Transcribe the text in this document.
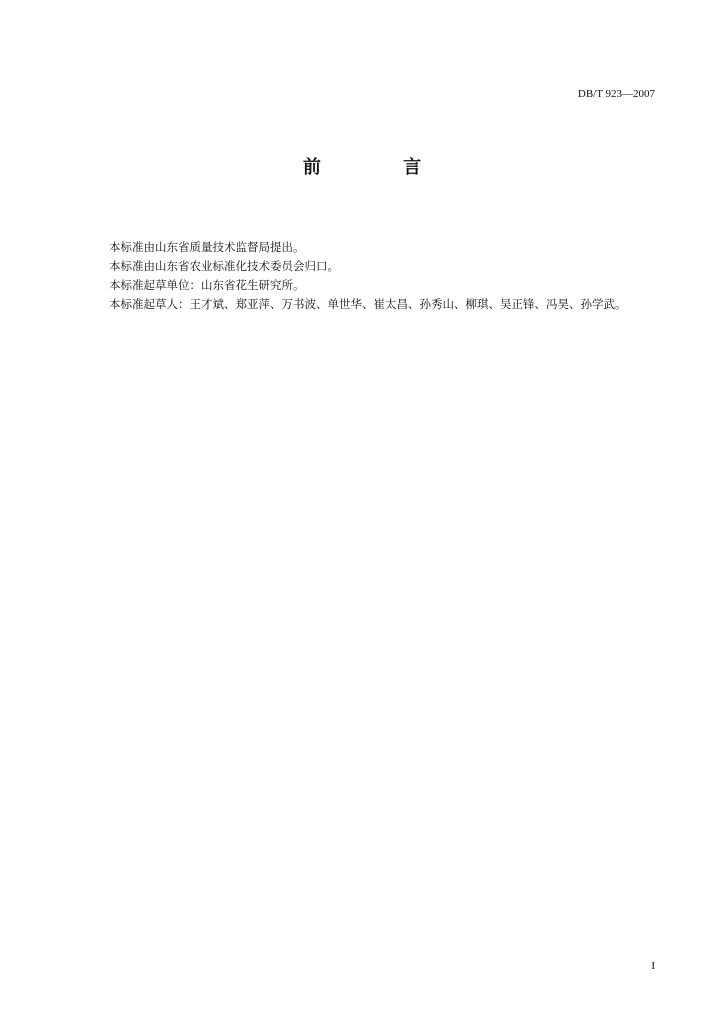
DB/T 923—2007
前 言

本标准由山东省质量技术监督局提出。

本标准由山东省农业标准化技术委员会归口。

本标准起草单位：山东省花生研究所。

本标准起草人：王才斌、郑亚萍、万书波、单世华、崔太昌、孙秀山、柳琪、吴正锋、冯昊、孙学武。

I
